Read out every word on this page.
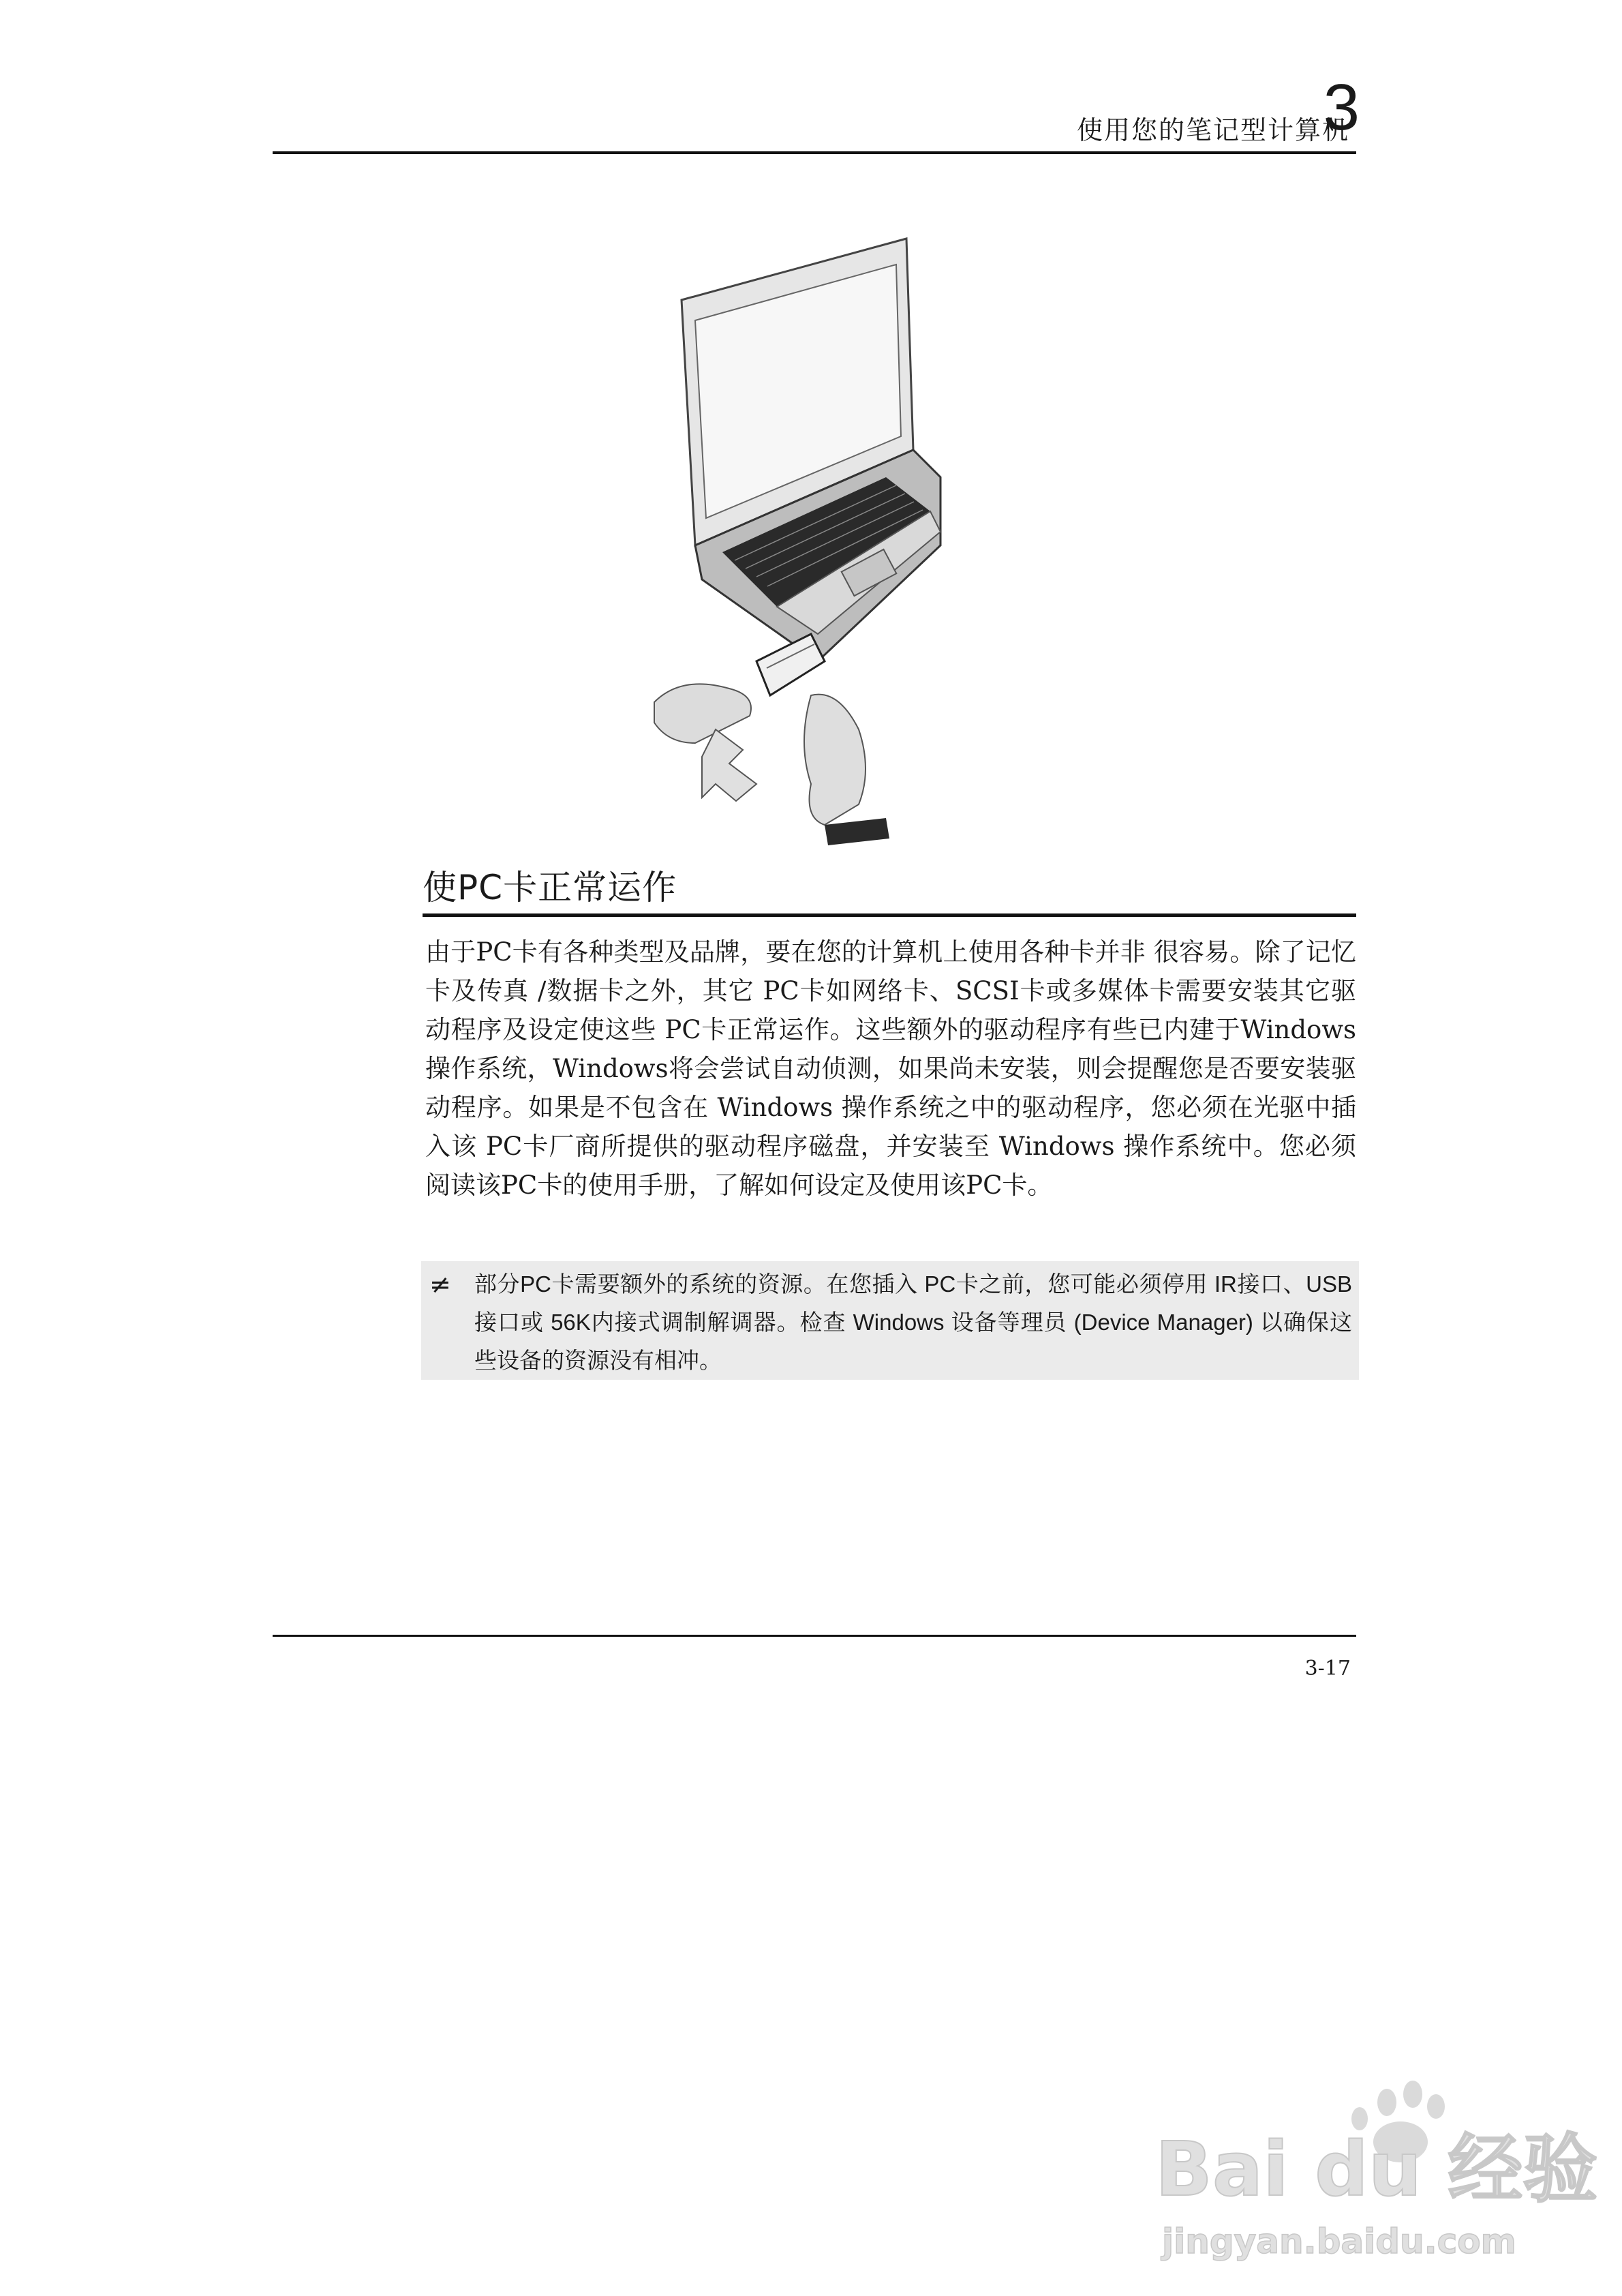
使用您的笔记型计算机
3
使PC卡正常运作
由于PC卡有各种类型及品牌，要在您的计算机上使用各种卡并非 很容易。除了记忆卡及传真 /数据卡之外，其它 PC卡如网络卡、SCSI卡或多媒体卡需要安装其它驱动程序及设定使这些 PC卡正常运作。这些额外的驱动程序有些已内建于Windows 操作系统，Windows将会尝试自动侦测，如果尚未安装，则会提醒您是否要安装驱动程序。如果是不包含在 Windows 操作系统之中的驱动程序，您必须在光驱中插入该 PC卡厂商所提供的驱动程序磁盘，并安装至 Windows 操作系统中。您必须阅读该PC卡的使用手册，了解如何设定及使用该PC卡。
≠ 部分PC卡需要额外的系统的资源。在您插入 PC卡之前，您可能必须停用 IR接口、USB接口或 56K内接式调制解调器。检查 Windows 设备等理员 (Device Manager) 以确保这些设备的资源没有相冲。
3-17
Bai du 经验
jingyan.baidu.com
